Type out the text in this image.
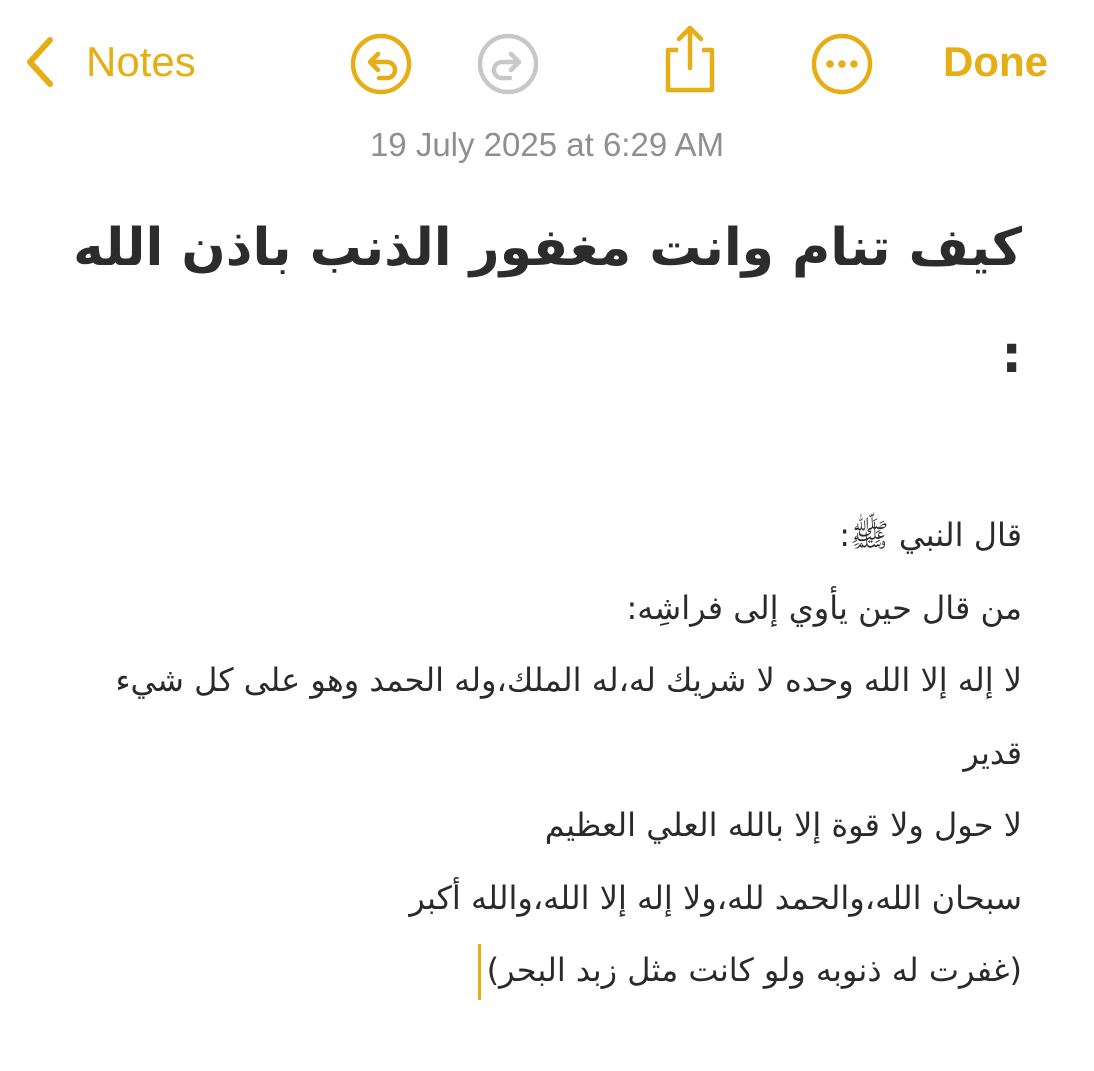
Notes	Done
19 July 2025 at 6:29 AM
كيف تنام وانت مغفور الذنب باذن الله :
قال النبي ﷺ:
من قال حين يأوي إلى فراشِه:
لا إله إلا الله وحده لا شريك له،له الملك،وله الحمد وهو على كل شيء قدير
لا حول ولا قوة إلا بالله العلي العظيم
سبحان الله،والحمد لله،ولا إله إلا الله،والله أكبر
(غفرت له ذنوبه ولو كانت مثل زبد البحر)
